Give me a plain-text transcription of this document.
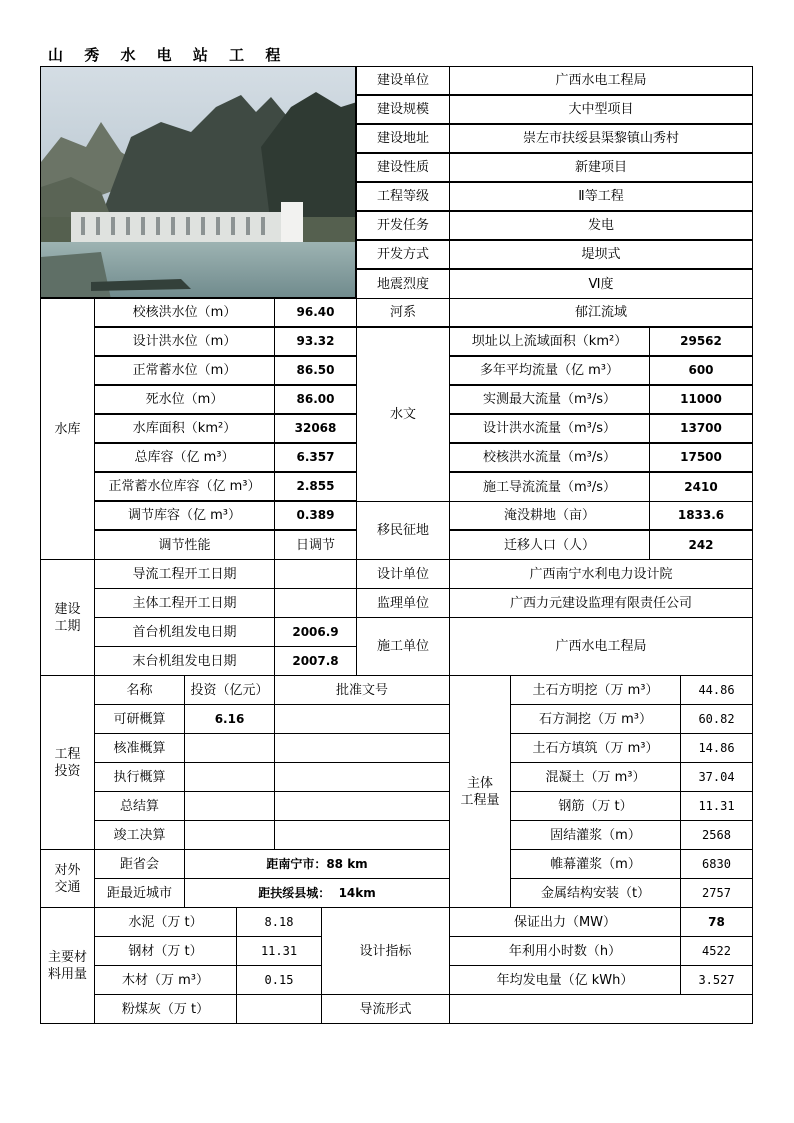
山 秀 水 电 站 工 程
建设单位	广西水电工程局
建设规模	大中型项目
建设地址	崇左市扶绥县渠黎镇山秀村
建设性质	新建项目
工程等级	Ⅱ等工程
开发任务	发电
开发方式	堤坝式
地震烈度	Ⅵ度
水库
校核洪水位（m）	96.40
设计洪水位（m）	93.32
正常蓄水位（m）	86.50
死水位（m）	86.00
水库面积（km²）	32068
总库容（亿 m³）	6.357
正常蓄水位库容（亿 m³）	2.855
调节库容（亿 m³）	0.389
调节性能	日调节
河系	郁江流域
水文
坝址以上流域面积（km²）	29562
多年平均流量（亿 m³）	600
实测最大流量（m³/s）	11000
设计洪水流量（m³/s）	13700
校核洪水流量（m³/s）	17500
施工导流流量（m³/s）	2410
移民征地
淹没耕地（亩）	1833.6
迁移人口（人）	242
建设
工期
导流工程开工日期
主体工程开工日期
首台机组发电日期	2006.9
末台机组发电日期	2007.8
设计单位	广西南宁水利电力设计院
监理单位	广西力元建设监理有限责任公司
施工单位	广西水电工程局
工程
投资
名称	投资（亿元）	批准文号
可研概算	6.16
核准概算
执行概算
总结算
竣工决算
对外
交通
距省会	距南宁市：88 km
距最近城市	距扶绥县城：  14km
主体
工程量
土石方明挖（万 m³）	44.86
石方洞挖（万 m³）	60.82
土石方填筑（万 m³）	14.86
混凝土（万 m³）	37.04
钢筋（万 t）	11.31
固结灌浆（m）	2568
帷幕灌浆（m）	6830
金属结构安装（t）	2757
主要材
料用量
水泥（万 t）	8.18
钢材（万 t）	11.31
木材（万 m³）	0.15
粉煤灰（万 t）
设计指标
保证出力（MW）	78
年利用小时数（h）	4522
年均发电量（亿 kWh）	3.527
导流形式
